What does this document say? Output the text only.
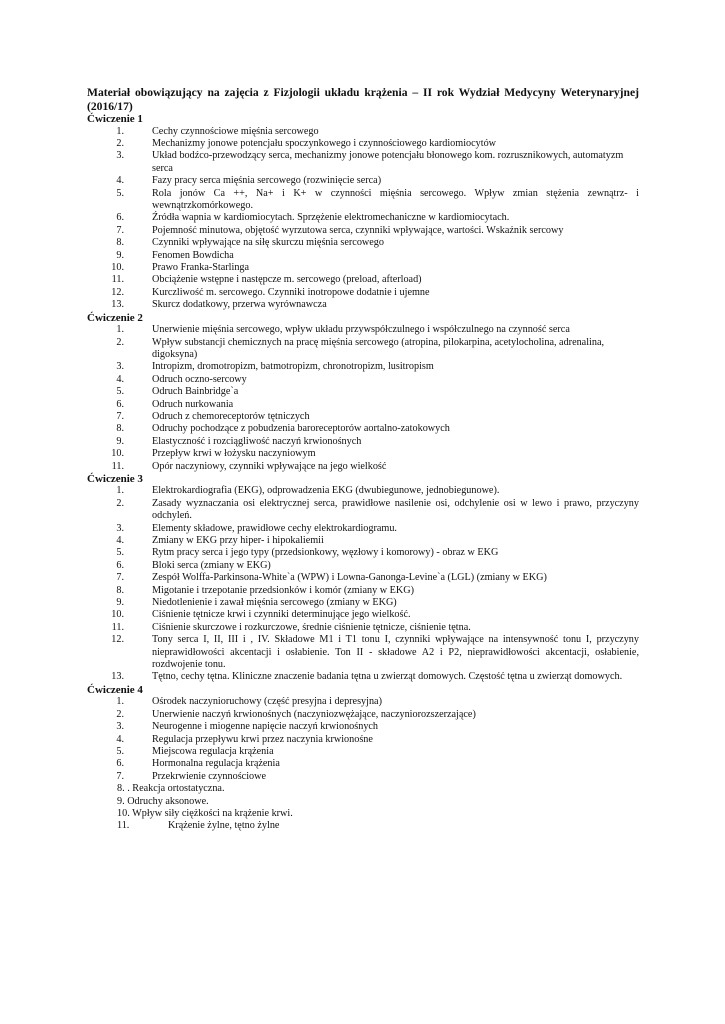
Materiał obowiązujący na zajęcia z Fizjologii układu krążenia – II rok Wydział Medycyny Weterynaryjnej (2016/17)

Ćwiczenie 1

1.	Cechy czynnościowe mięśnia sercowego
2.	Mechanizmy jonowe potencjału spoczynkowego i czynnościowego kardiomiocytów
3.	Układ bodźco-przewodzący serca, mechanizmy jonowe potencjału błonowego kom. rozrusznikowych, automatyzm serca
4.	Fazy pracy serca mięśnia sercowego (rozwinięcie serca)
5.	Rola jonów Ca ++, Na+ i K+ w czynności mięśnia sercowego. Wpływ zmian stężenia zewnątrz- i wewnątrzkomórkowego.
6.	Źródła wapnia w kardiomiocytach. Sprzężenie elektromechaniczne w kardiomiocytach.
7.	Pojemność minutowa, objętość wyrzutowa serca, czynniki wpływające, wartości. Wskaźnik sercowy
8.	Czynniki wpływające na siłę skurczu mięśnia sercowego
9.	Fenomen Bowdicha
10.	Prawo Franka-Starlinga
11.	Obciążenie wstępne i następcze m. sercowego (preload, afterload)
12.	Kurczliwość m. sercowego. Czynniki inotropowe dodatnie i ujemne
13.	Skurcz dodatkowy, przerwa wyrównawcza

Ćwiczenie 2

1.	Unerwienie mięśnia sercowego, wpływ układu przywspółczulnego i współczulnego na czynność serca
2.	Wpływ substancji chemicznych na pracę mięśnia sercowego (atropina, pilokarpina, acetylocholina, adrenalina, digoksyna)
3.	Intropizm, dromotropizm, batmotropizm, chronotropizm, lusitropism
4.	Odruch oczno-sercowy
5.	Odruch Bainbridge`a
6.	Odruch nurkowania
7.	Odruch z chemoreceptorów tętniczych
8.	Odruchy pochodzące z pobudzenia baroreceptorów aortalno-zatokowych
9.	Elastyczność i rozciągliwość naczyń krwionośnych
10.	Przepływ krwi w łożysku naczyniowym
11.	Opór naczyniowy, czynniki wpływające na jego wielkość

Ćwiczenie 3

1.	Elektrokardiografia (EKG), odprowadzenia EKG (dwubiegunowe, jednobiegunowe).
2.	Zasady wyznaczania osi elektrycznej serca, prawidłowe nasilenie osi, odchylenie osi w lewo i prawo, przyczyny odchyleń.
3.	Elementy składowe, prawidłowe cechy elektrokardiogramu.
4.	Zmiany w EKG przy hiper- i hipokaliemii
5.	Rytm pracy serca i jego typy (przedsionkowy, węzłowy i komorowy) - obraz w EKG
6.	Bloki serca (zmiany w EKG)
7.	Zespół Wolffa-Parkinsona-White`a (WPW) i Lowna-Ganonga-Levine`a (LGL) (zmiany w EKG)
8.	Migotanie i trzepotanie przedsionków i komór (zmiany w EKG)
9.	Niedotlenienie i zawał mięśnia sercowego (zmiany w EKG)
10.	Ciśnienie tętnicze krwi i czynniki determinujące jego wielkość.
11.	Ciśnienie skurczowe i rozkurczowe, średnie ciśnienie tętnicze, ciśnienie tętna.
12.	Tony serca I, II, III i , IV. Składowe M1 i T1 tonu I, czynniki wpływające na intensywność tonu I, przyczyny nieprawidłowości akcentacji i osłabienie. Ton II - składowe A2 i P2, nieprawidłowości akcentacji, osłabienie, rozdwojenie tonu.
13.	Tętno, cechy tętna. Kliniczne znaczenie badania tętna u zwierząt domowych. Częstość tętna u zwierząt domowych.

Ćwiczenie 4

1.	Ośrodek naczynioruchowy (część presyjna i depresyjna)
2.	Unerwienie naczyń krwionośnych (naczyniozwężające, naczyniorozszerzające)
3.	Neurogenne i miogenne napięcie naczyń krwionośnych
4.	Regulacja przepływu krwi przez naczynia krwionośne
5.	Miejscowa regulacja krążenia
6.	Hormonalna regulacja krążenia
7.	Przekrwienie czynnościowe
8. . Reakcja ortostatyczna.
9. Odruchy aksonowe.
10. Wpływ siły ciężkości na krążenie krwi.
11.	Krążenie żylne, tętno żylne
